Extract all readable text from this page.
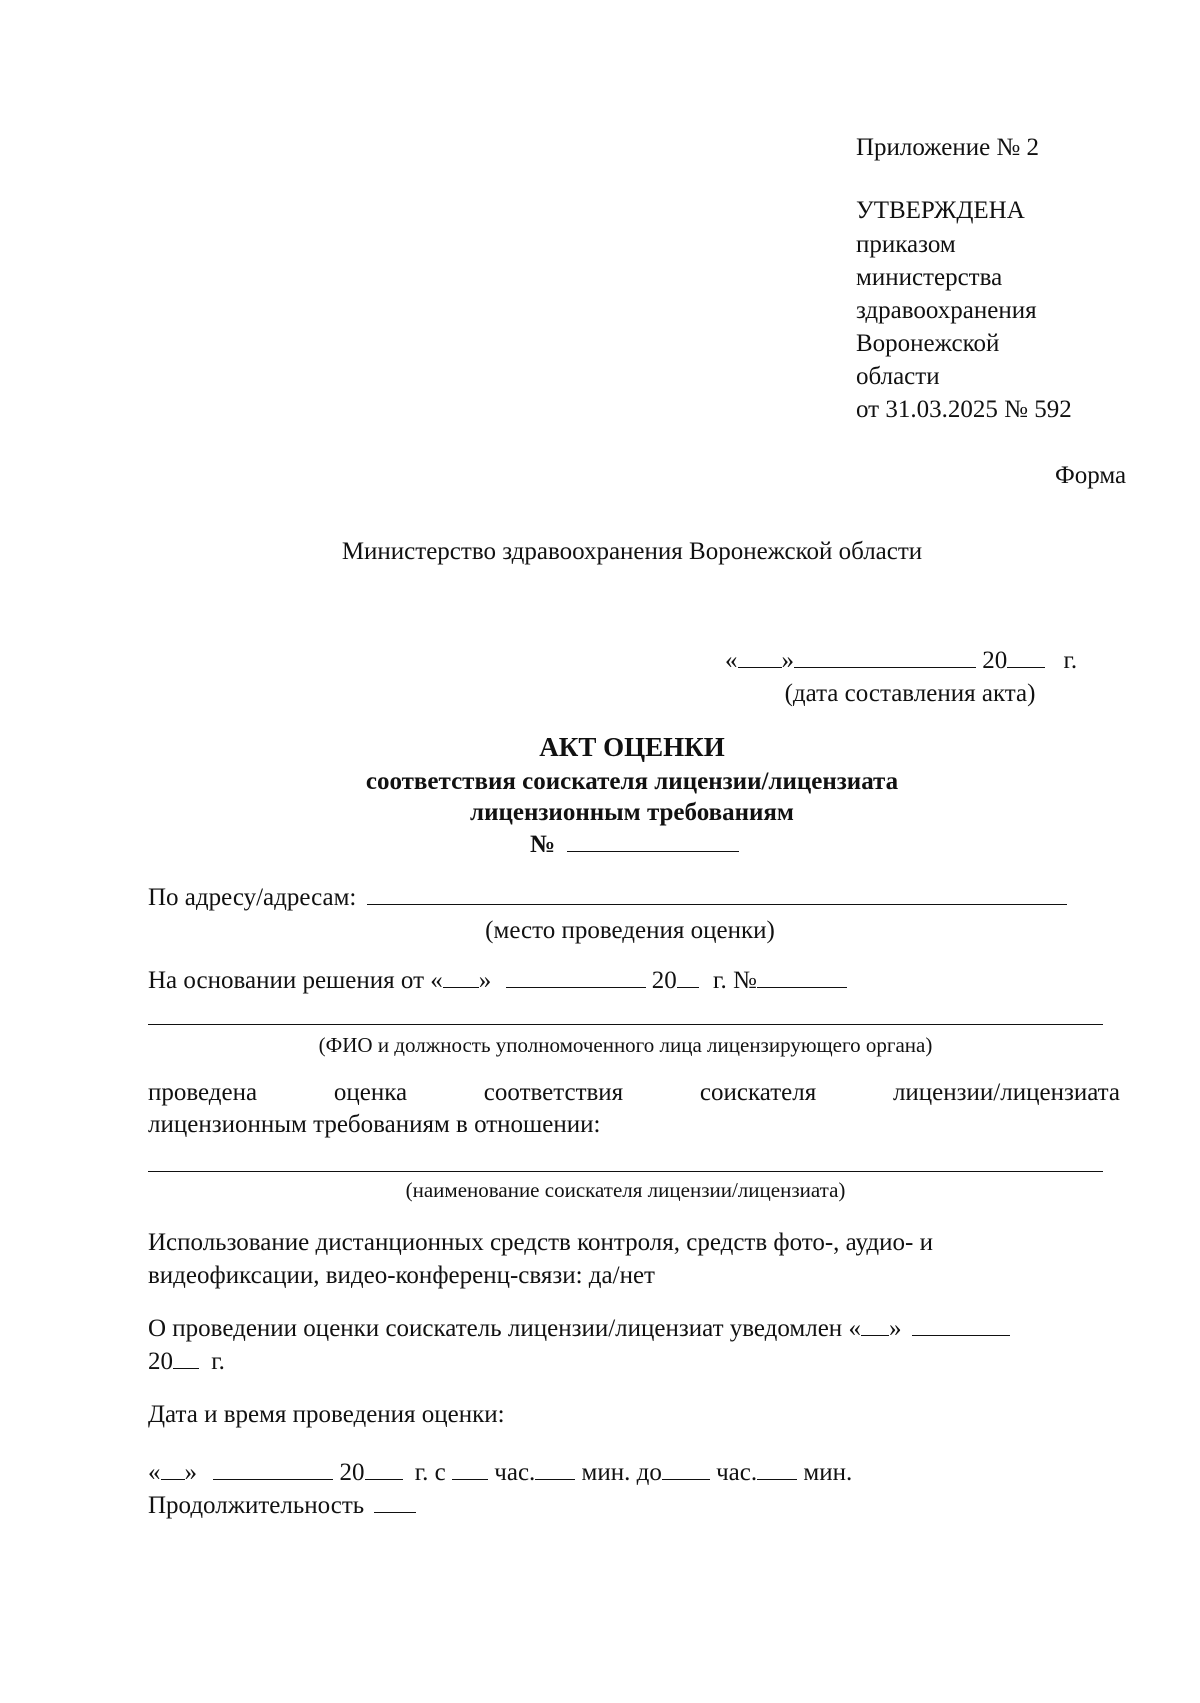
Приложение № 2
УТВЕРЖДЕНА
приказом
министерства
здравоохранения
Воронежской
области
от 31.03.2025 № 592
Форма
Министерство здравоохранения Воронежской области
« »	20 г.
(дата составления акта)
АКТ ОЦЕНКИ
соответствия соискателя лицензии/лицензиата
лицензионным требованиям
№
По адресу/адресам:
(место проведения оценки)
На основании решения от « »	20 г. №
(ФИО и должность уполномоченного лица лицензирующего органа)
проведена	оценка	соответствия	соискателя	лицензии/лицензиата
лицензионным требованиям в отношении:
(наименование соискателя лицензии/лицензиата)
Использование дистанционных средств контроля, средств фото-, аудио- и
видеофиксации, видео-конференц-связи: да/нет
О проведении оценки соискатель лицензии/лицензиат уведомлен « »
20 г.
Дата и время проведения оценки:
« »	20 г. с час. мин. до час. мин.
Продолжительность
